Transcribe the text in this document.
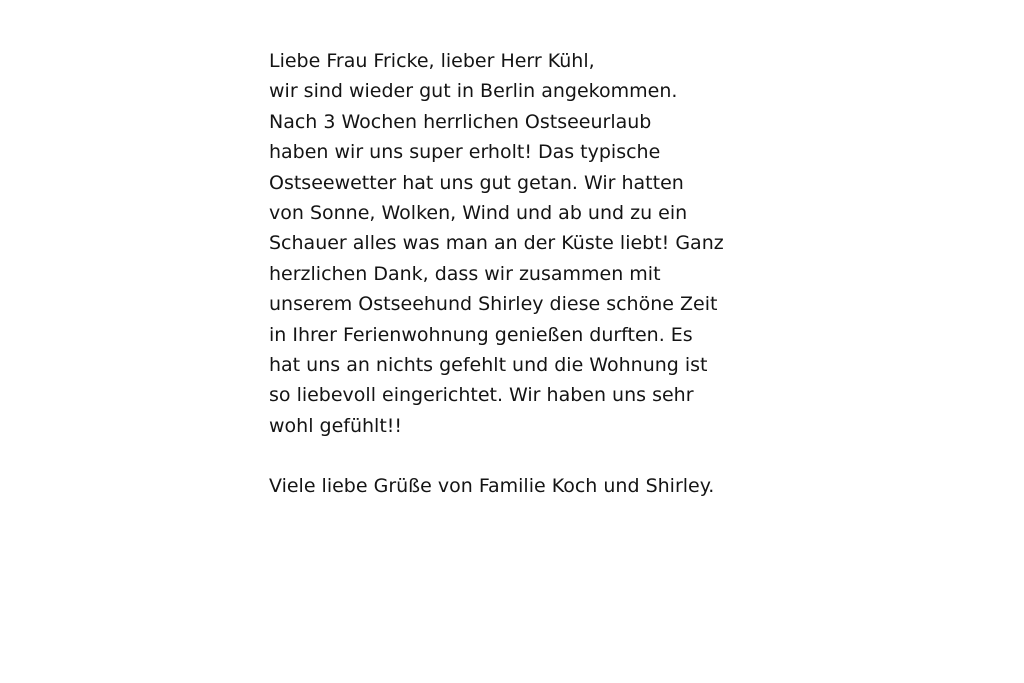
Liebe Frau Fricke, lieber Herr Kühl,
wir sind wieder gut in Berlin angekommen.
Nach 3 Wochen herrlichen Ostseeurlaub
haben wir uns super erholt! Das typische
Ostseewetter hat uns gut getan. Wir hatten
von Sonne, Wolken, Wind und ab und zu ein
Schauer alles was man an der Küste liebt! Ganz
herzlichen Dank, dass wir zusammen mit
unserem Ostseehund Shirley diese schöne Zeit
in Ihrer Ferienwohnung genießen durften. Es
hat uns an nichts gefehlt und die Wohnung ist
so liebevoll eingerichtet. Wir haben uns sehr
wohl gefühlt!!
Viele liebe Grüße von Familie Koch und Shirley.
